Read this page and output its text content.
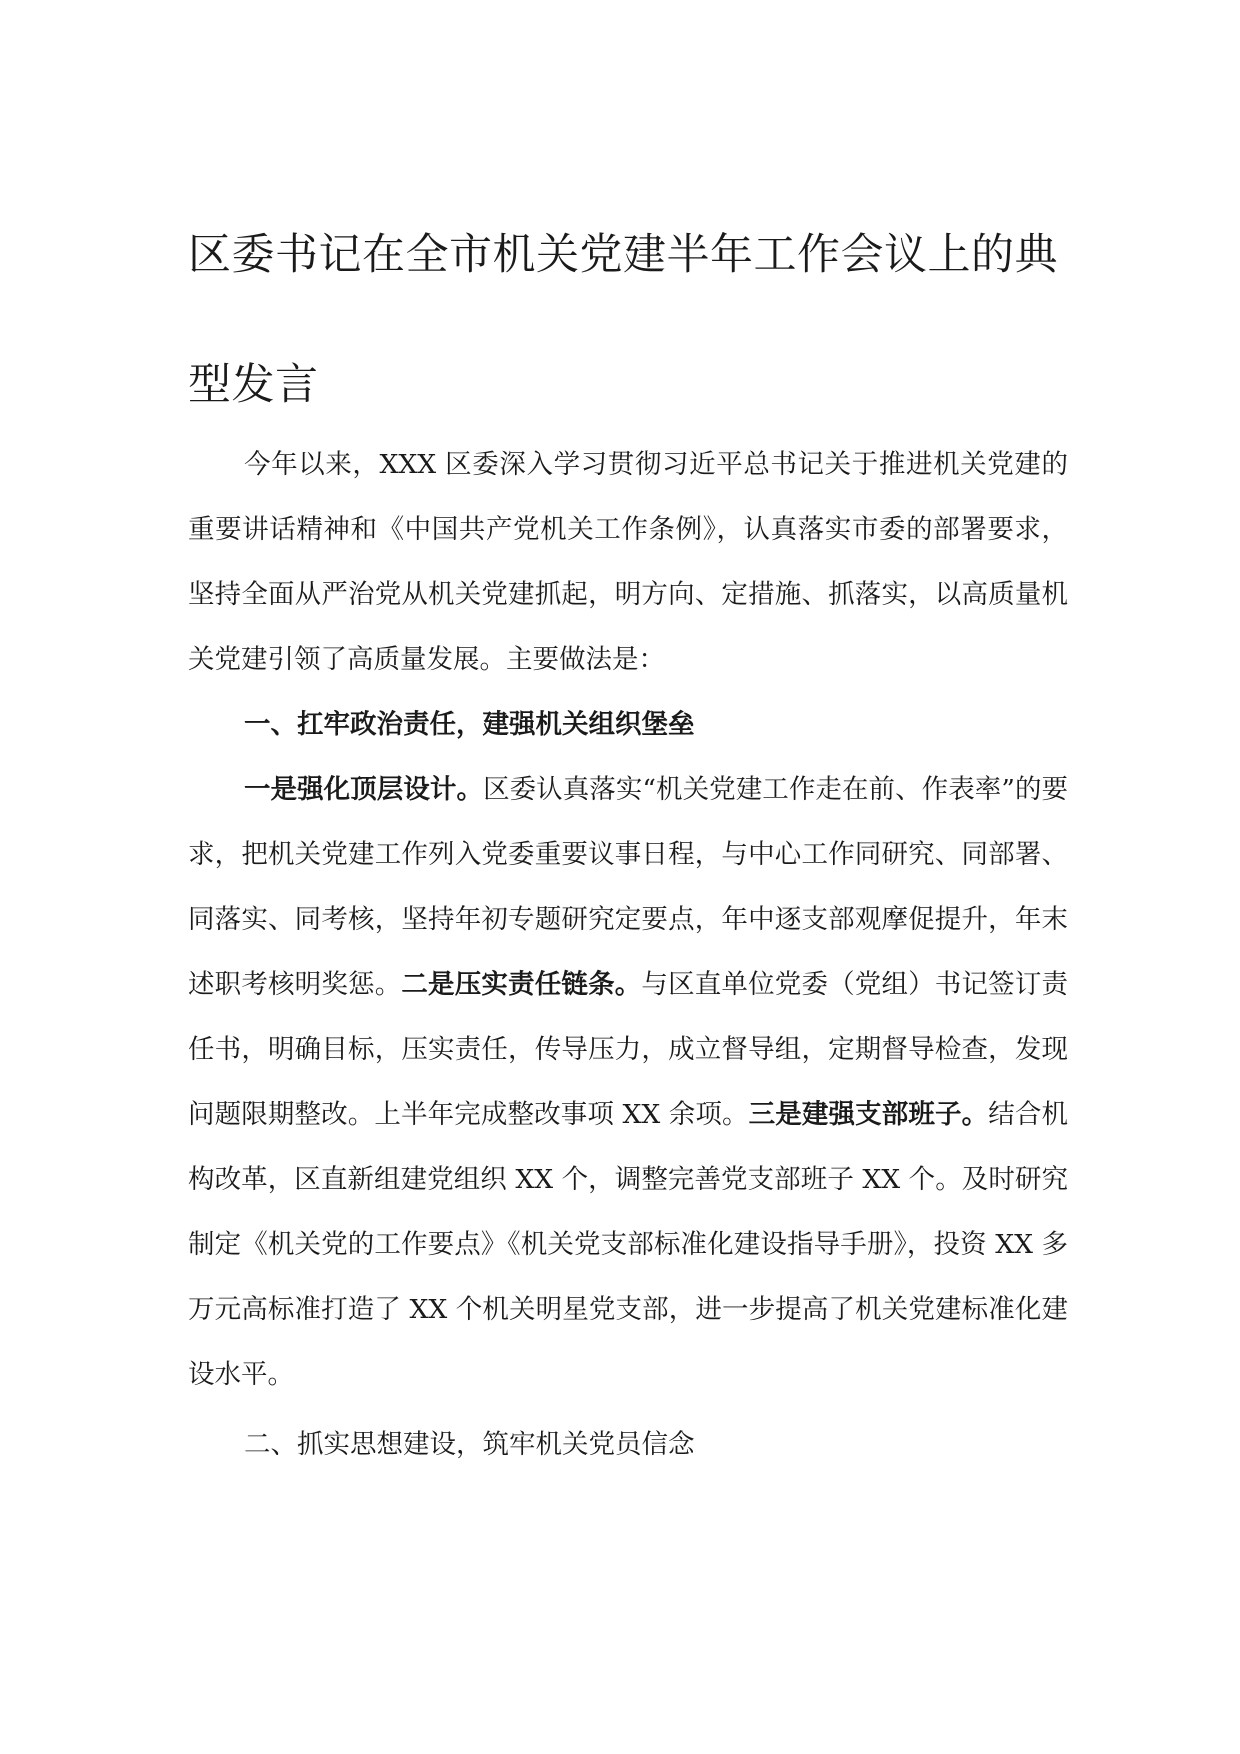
区委书记在全市机关党建半年工作会议上的典型发言

今年以来，XXX 区委深入学习贯彻习近平总书记关于推进机关党建的重要讲话精神和《中国共产党机关工作条例》，认真落实市委的部署要求，坚持全面从严治党从机关党建抓起，明方向、定措施、抓落实，以高质量机关党建引领了高质量发展。主要做法是：

一、扛牢政治责任，建强机关组织堡垒

一是强化顶层设计。区委认真落实“机关党建工作走在前、作表率”的要求，把机关党建工作列入党委重要议事日程，与中心工作同研究、同部署、同落实、同考核，坚持年初专题研究定要点，年中逐支部观摩促提升，年末述职考核明奖惩。二是压实责任链条。与区直单位党委（党组）书记签订责任书，明确目标，压实责任，传导压力，成立督导组，定期督导检查，发现问题限期整改。上半年完成整改事项 XX 余项。三是建强支部班子。结合机构改革，区直新组建党组织 XX 个，调整完善党支部班子 XX 个。及时研究制定《机关党的工作要点》《机关党支部标准化建设指导手册》，投资 XX 多万元高标准打造了 XX 个机关明星党支部，进一步提高了机关党建标准化建设水平。

二、抓实思想建设，筑牢机关党员信念
